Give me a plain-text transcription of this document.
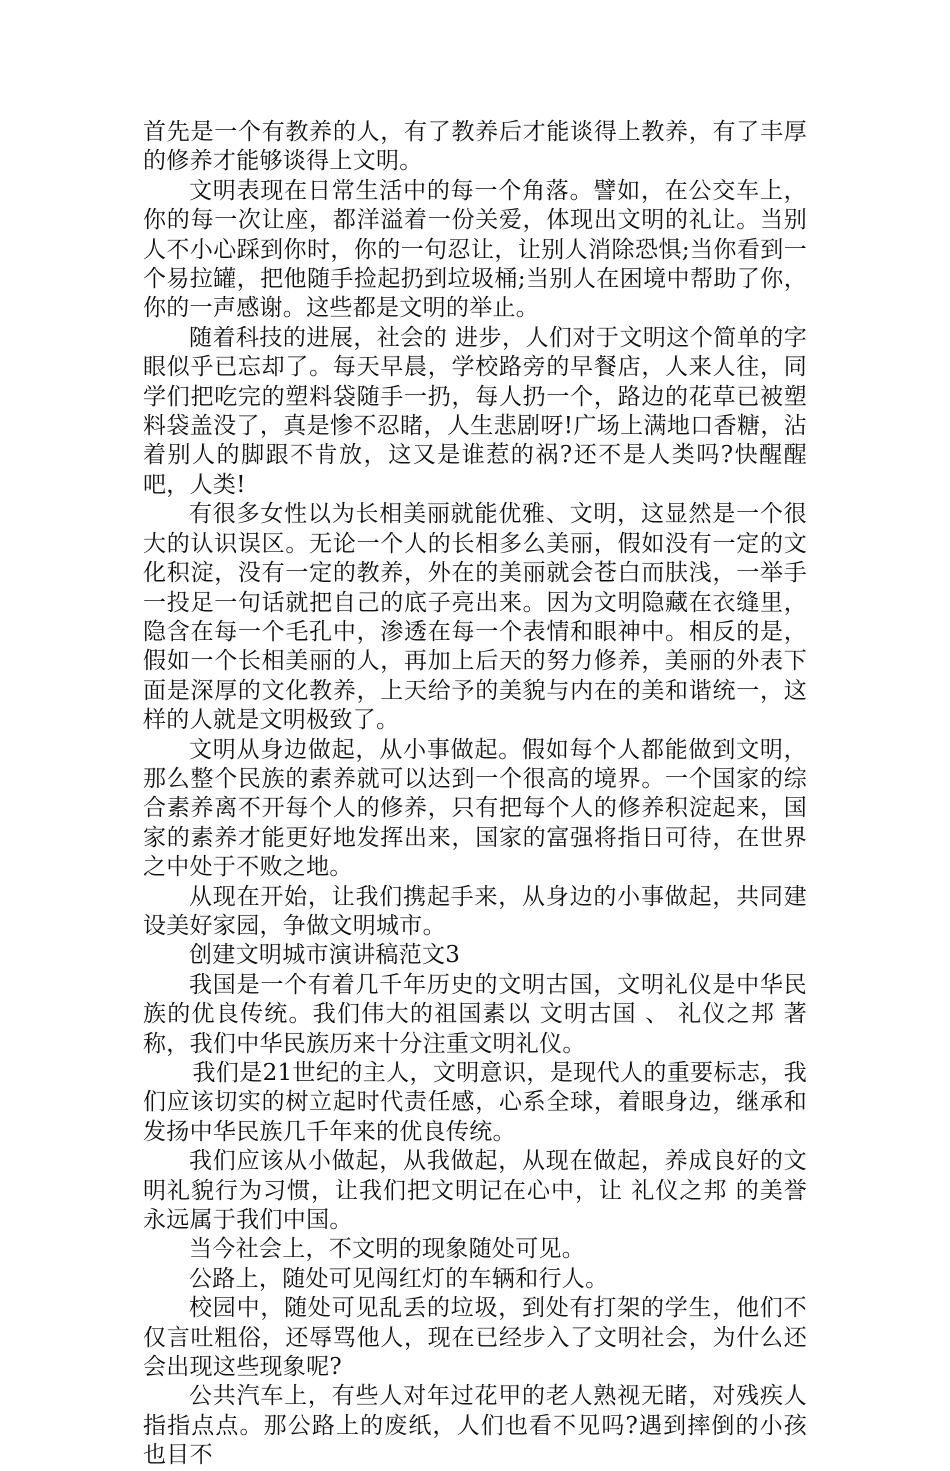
首先是一个有教养的人，有了教养后才能谈得上教养，有了丰厚的修养才能够谈得上文明。

文明表现在日常生活中的每一个角落。譬如，在公交车上，你的每一次让座，都洋溢着一份关爱，体现出文明的礼让。当别人不小心踩到你时，你的一句忍让，让别人消除恐惧;当你看到一个易拉罐，把他随手捡起扔到垃圾桶;当别人在困境中帮助了你，你的一声感谢。这些都是文明的举止。

随着科技的进展，社会的 进步，人们对于文明这个简单的字眼似乎已忘却了。每天早晨，学校路旁的早餐店，人来人往，同学们把吃完的塑料袋随手一扔，每人扔一个，路边的花草已被塑料袋盖没了，真是惨不忍睹，人生悲剧呀!广场上满地口香糖，沾着别人的脚跟不肯放，这又是谁惹的祸?还不是人类吗?快醒醒吧，人类!

有很多女性以为长相美丽就能优雅、文明，这显然是一个很大的认识误区。无论一个人的长相多么美丽，假如没有一定的文化积淀，没有一定的教养，外在的美丽就会苍白而肤浅，一举手一投足一句话就把自己的底子亮出来。因为文明隐藏在衣缝里，隐含在每一个毛孔中，渗透在每一个表情和眼神中。相反的是，假如一个长相美丽的人，再加上后天的努力修养，美丽的外表下面是深厚的文化教养，上天给予的美貌与内在的美和谐统一，这样的人就是文明极致了。

文明从身边做起，从小事做起。假如每个人都能做到文明，那么整个民族的素养就可以达到一个很高的境界。一个国家的综合素养离不开每个人的修养，只有把每个人的修养积淀起来，国家的素养才能更好地发挥出来，国家的富强将指日可待，在世界之中处于不败之地。

从现在开始，让我们携起手来，从身边的小事做起，共同建设美好家园，争做文明城市。

创建文明城市演讲稿范文3

我国是一个有着几千年历史的文明古国，文明礼仪是中华民族的优良传统。我们伟大的祖国素以 文明古国 、 礼仪之邦 著称，我们中华民族历来十分注重文明礼仪。

我们是21世纪的主人，文明意识，是现代人的重要标志，我们应该切实的树立起时代责任感，心系全球，着眼身边，继承和发扬中华民族几千年来的优良传统。

我们应该从小做起，从我做起，从现在做起，养成良好的文明礼貌行为习惯，让我们把文明记在心中，让 礼仪之邦 的美誉永远属于我们中国。

当今社会上，不文明的现象随处可见。

公路上，随处可见闯红灯的车辆和行人。

校园中，随处可见乱丢的垃圾，到处有打架的学生，他们不仅言吐粗俗，还辱骂他人，现在已经步入了文明社会，为什么还会出现这些现象呢?

公共汽车上，有些人对年过花甲的老人熟视无睹，对残疾人指指点点。那公路上的废纸，人们也看不见吗?遇到摔倒的小孩也目不
